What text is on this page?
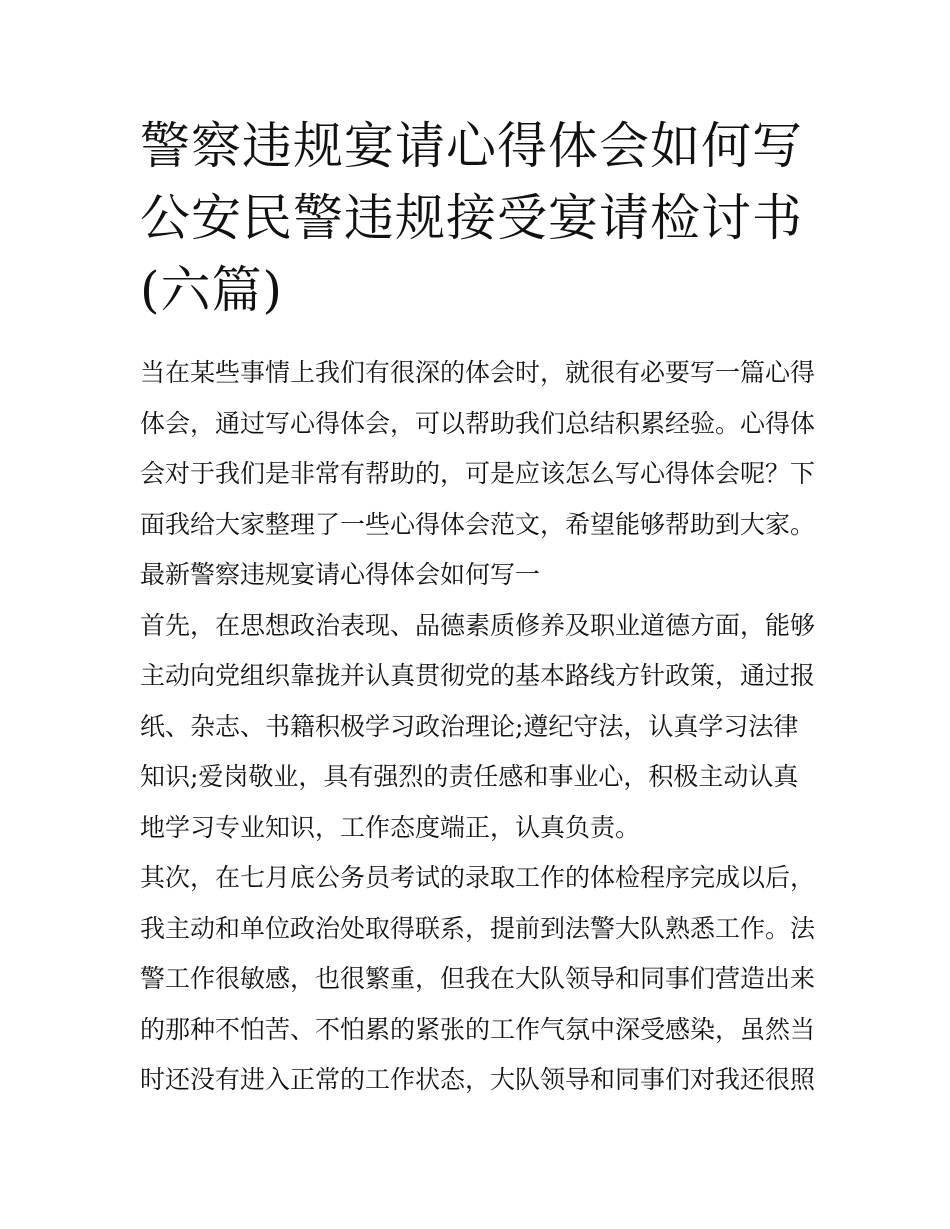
警察违规宴请心得体会如何写
公安民警违规接受宴请检讨书
(六篇)
当在某些事情上我们有很深的体会时，就很有必要写一篇心得
体会，通过写心得体会，可以帮助我们总结积累经验。心得体
会对于我们是非常有帮助的，可是应该怎么写心得体会呢？下
面我给大家整理了一些心得体会范文，希望能够帮助到大家。
最新警察违规宴请心得体会如何写一
首先，在思想政治表现、品德素质修养及职业道德方面，能够
主动向党组织靠拢并认真贯彻党的基本路线方针政策，通过报
纸、杂志、书籍积极学习政治理论;遵纪守法，认真学习法律
知识;爱岗敬业，具有强烈的责任感和事业心，积极主动认真
地学习专业知识，工作态度端正，认真负责。
其次，在七月底公务员考试的录取工作的体检程序完成以后，
我主动和单位政治处取得联系，提前到法警大队熟悉工作。法
警工作很敏感，也很繁重，但我在大队领导和同事们营造出来
的那种不怕苦、不怕累的紧张的工作气氛中深受感染，虽然当
时还没有进入正常的工作状态，大队领导和同事们对我还很照
